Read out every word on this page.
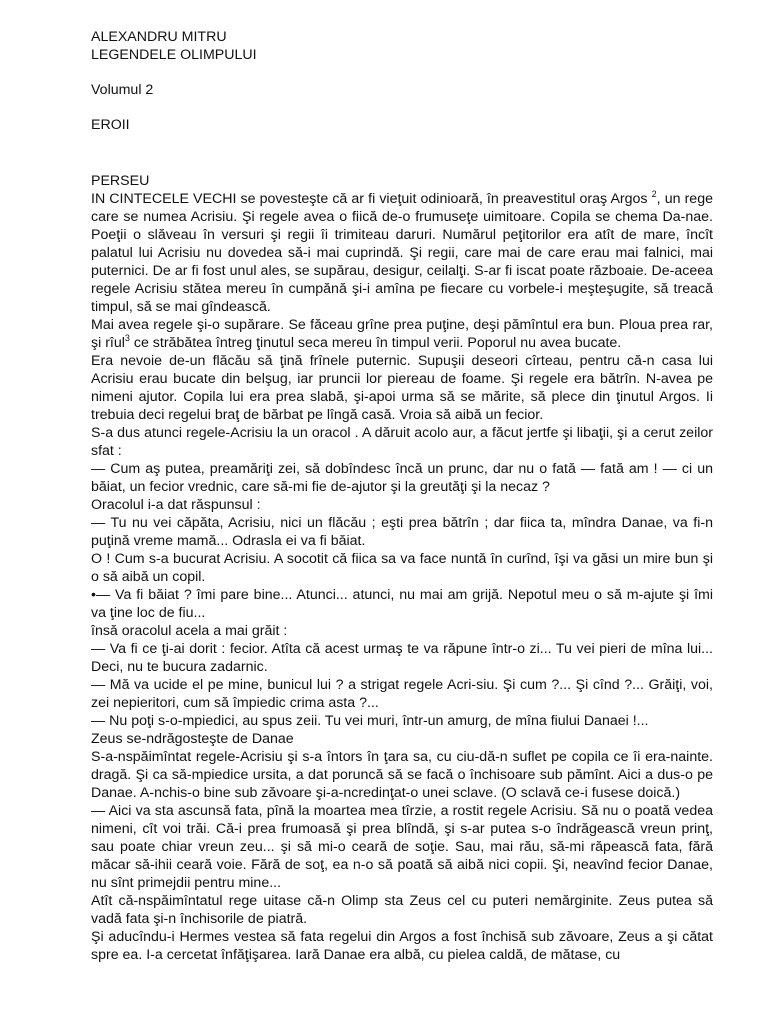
ALEXANDRU MITRU

LEGENDELE OLIMPULUI

Volumul 2

EROII

PERSEU

IN CINTECELE VECHI se povesteşte că ar fi vieţuit odinioară, în preavestitul oraş Argos $^2$, un rege care se numea Acrisiu. Şi regele avea o fiică de-o frumuseţe uimitoare. Copila se chema Da-nae. Poeţii o slăveau în versuri şi regii îi trimiteau daruri. Numărul peţitorilor era atît de mare, încît palatul lui Acrisiu nu dovedea să-i mai cuprindă. Şi regii, care mai de care erau mai falnici, mai puternici. De ar fi fost unul ales, se supărau, desigur, ceilalţi. S-ar fi iscat poate războaie. De-aceea regele Acrisiu stătea mereu în cumpănă şi-i amîna pe fiecare cu vorbele-i meşteşugite, să treacă timpul, să se mai gîndească.

Mai avea regele şi-o supărare. Se făceau grîne prea puţine, deşi pămîntul era bun. Ploua prea rar, şi rîul$^3$ ce străbătea întreg ţinutul seca mereu în timpul verii. Poporul nu avea bucate.

Era nevoie de-un flăcău să ţină frînele puternic. Supuşii deseori cîrteau, pentru că-n casa lui Acrisiu erau bucate din belşug, iar pruncii lor piereau de foame. Şi regele era bătrîn. N-avea pe nimeni ajutor. Copila lui era prea slabă, şi-apoi urma să se mărite, să plece din ţinutul Argos. Ii trebuia deci regelui braţ de bărbat pe lîngă casă. Vroia să aibă un fecior.

S-a dus atunci regele-Acrisiu la un oracol . A dăruit acolo aur, a făcut jertfe şi libaţii, şi a cerut zeilor sfat :

— Cum aş putea, preamăriţi zei, să dobîndesc încă un prunc, dar nu o fată — fată am ! — ci un băiat, un fecior vrednic, care să-mi fie de-ajutor şi la greutăţi şi la necaz ?

Oracolul i-a dat răspunsul :

— Tu nu vei căpăta, Acrisiu, nici un flăcău ; eşti prea bătrîn ; dar fiica ta, mîndra Danae, va fi-n puţină vreme mamă... Odrasla ei va fi băiat.

O ! Cum s-a bucurat Acrisiu. A socotit că fiica sa va face nuntă în curînd, îşi va găsi un mire bun şi o să aibă un copil.

•— Va fi băiat ? îmi pare bine... Atunci... atunci, nu mai am grijă. Nepotul meu o să m-ajute şi îmi va ţine loc de fiu...

însă oracolul acela a mai grăit :

— Va fi ce ţi-ai dorit : fecior. Atîta că acest urmaş te va răpune într-o zi... Tu vei pieri de mîna lui... Deci, nu te bucura zadarnic.

— Mă va ucide el pe mine, bunicul lui ? a strigat regele Acri-siu. Şi cum ?... Şi cînd ?... Grăiţi, voi, zei nepieritori, cum să împiedic crima asta ?...

— Nu poţi s-o-mpiedici, au spus zeii. Tu vei muri, într-un amurg, de mîna fiului Danaei !...

Zeus se-ndrăgosteşte de Danae

S-a-nspăimîntat regele-Acrisiu şi s-a întors în ţara sa, cu ciu-dă-n suflet pe copila ce îi era-nainte. dragă. Şi ca să-mpiedice ursita, a dat poruncă să se facă o închisoare sub pămînt. Aici a dus-o pe Danae. A-nchis-o bine sub zăvoare şi-a-ncredinţat-o unei sclave. (O sclavă ce-i fusese doică.)

— Aici va sta ascunsă fata, pînă la moartea mea tîrzie, a rostit regele Acrisiu. Să nu o poată vedea nimeni, cît voi trăi. Că-i prea frumoasă şi prea blîndă, şi s-ar putea s-o îndrăgească vreun prinţ, sau poate chiar vreun zeu... şi să mi-o ceară de soţie. Sau, mai rău, să-mi răpească fata, fără măcar să-ihii ceară voie. Fără de soţ, ea n-o să poată să aibă nici copii. Şi, neavînd fecior Danae, nu sînt primejdii pentru mine...

Atît că-nspăimîntatul rege uitase că-n Olimp sta Zeus cel cu puteri nemărginite. Zeus putea să vadă fata şi-n închisorile de piatră.

Şi aducîndu-i Hermes vestea să fata regelui din Argos a fost închisă sub zăvoare, Zeus a şi cătat spre ea. I-a cercetat înfăţişarea. Iară Danae era albă, cu pielea caldă, de mătase, cu
